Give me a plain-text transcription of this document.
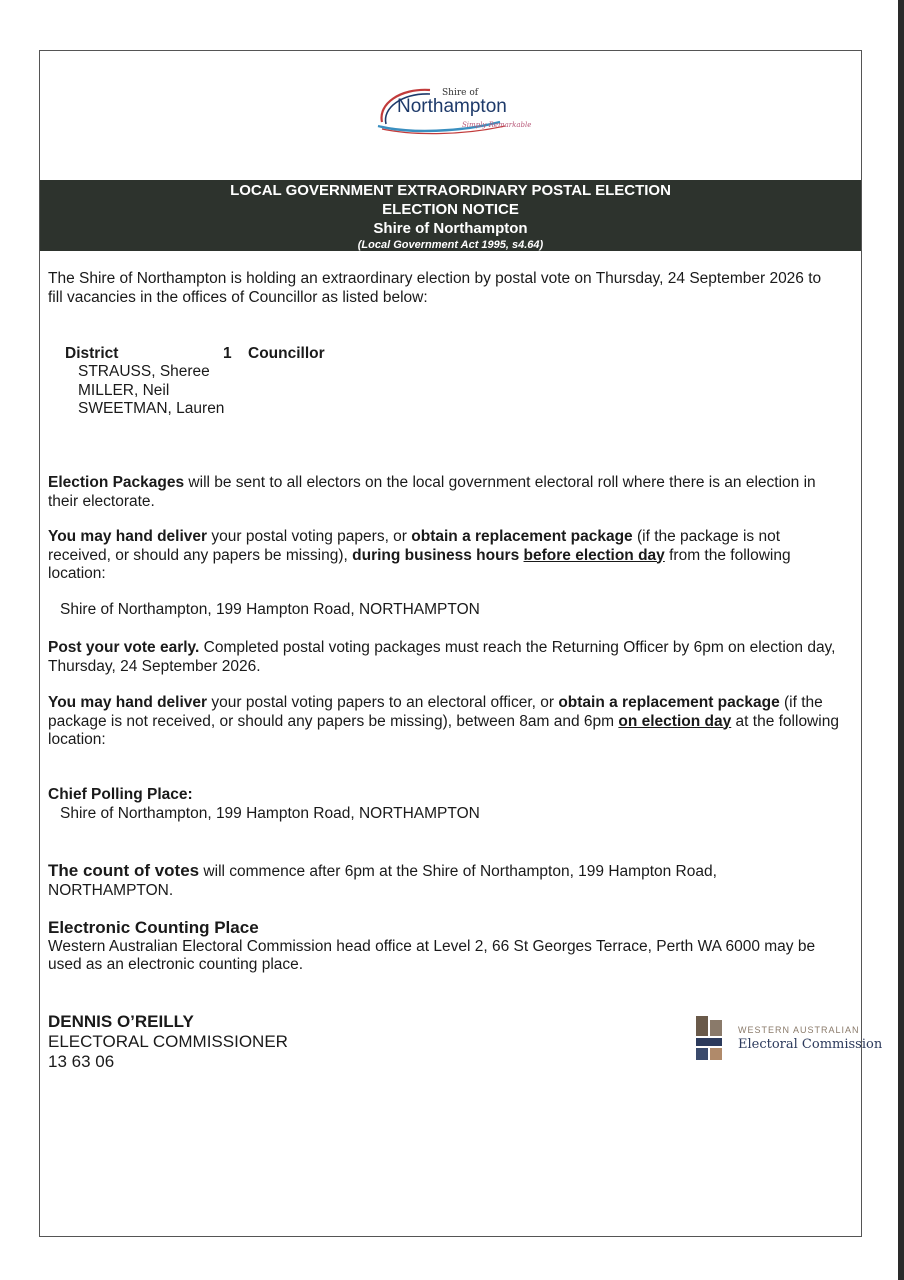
Simply Remarkable
Shire of
Northampton
LOCAL GOVERNMENT EXTRAORDINARY POSTAL ELECTION
ELECTION NOTICE
Shire of Northampton
(Local Government Act 1995, s4.64)
The Shire of Northampton is holding an extraordinary election by postal vote on Thursday, 24 September 2026 to
fill vacancies in the offices of Councillor as listed below:
District	1 Councillor
STRAUSS, Sheree
MILLER, Neil
SWEETMAN, Lauren
Election Packages will be sent to all electors on the local government electoral roll where there is an election in
their electorate.
You may hand deliver your postal voting papers, or obtain a replacement package (if the package is not
received, or should any papers be missing), during business hours before election day from the following
location:
Shire of Northampton, 199 Hampton Road, NORTHAMPTON
Post your vote early. Completed postal voting packages must reach the Returning Officer by 6pm on election day,
Thursday, 24 September 2026.
You may hand deliver your postal voting papers to an electoral officer, or obtain a replacement package (if the
package is not received, or should any papers be missing), between 8am and 6pm on election day at the following
location:
Chief Polling Place:
Shire of Northampton, 199 Hampton Road, NORTHAMPTON
The count of votes will commence after 6pm at the Shire of Northampton, 199 Hampton Road,
NORTHAMPTON.
Electronic Counting Place
Western Australian Electoral Commission head office at Level 2, 66 St Georges Terrace, Perth WA 6000 may be
used as an electronic counting place.
DENNIS O’REILLY
ELECTORAL COMMISSIONER
13 63 06
WESTERN AUSTRALIAN
Electoral Commission
